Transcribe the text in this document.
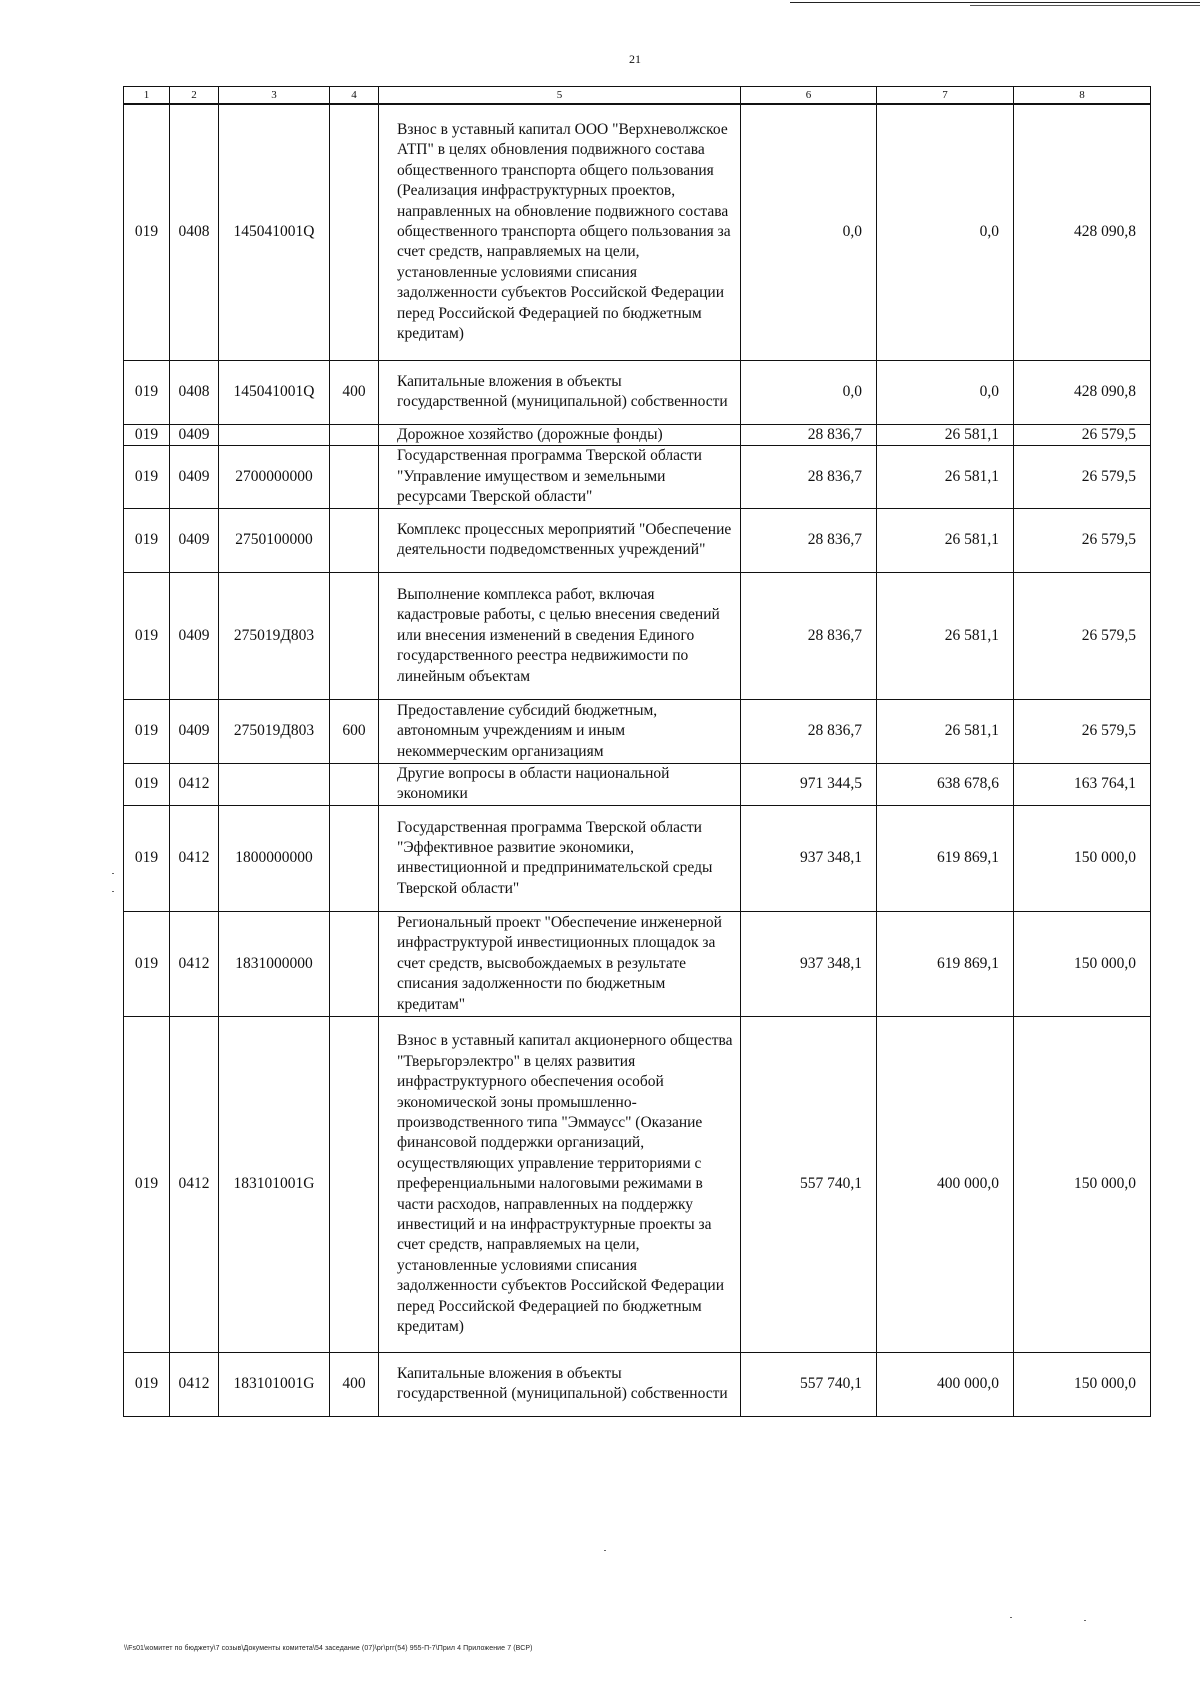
21
1	2	3	4	5	6	7	8
019	0408	145041001Q		Взнос в уставный капитал ООО "Верхневолжское АТП" в целях обновления подвижного состава общественного транспорта общего пользования (Реализация инфраструктурных проектов, направленных на обновление подвижного состава общественного транспорта общего пользования за счет средств, направляемых на цели, установленные условиями списания задолженности субъектов Российской Федерации перед Российской Федерацией по бюджетным кредитам)	0,0	0,0	428 090,8
019	0408	145041001Q	400	Капитальные вложения в объекты государственной (муниципальной) собственности	0,0	0,0	428 090,8
019	0409			Дорожное хозяйство (дорожные фонды)	28 836,7	26 581,1	26 579,5
019	0409	2700000000		Государственная программа Тверской области "Управление имуществом и земельными ресурсами Тверской области"	28 836,7	26 581,1	26 579,5
019	0409	2750100000		Комплекс процессных мероприятий "Обеспечение деятельности подведомственных учреждений"	28 836,7	26 581,1	26 579,5
019	0409	275019Д803		Выполнение комплекса работ, включая кадастровые работы, с целью внесения сведений или внесения изменений в сведения Единого государственного реестра недвижимости по линейным объектам	28 836,7	26 581,1	26 579,5
019	0409	275019Д803	600	Предоставление субсидий бюджетным, автономным учреждениям и иным некоммерческим организациям	28 836,7	26 581,1	26 579,5
019	0412			Другие вопросы в области национальной экономики	971 344,5	638 678,6	163 764,1
019	0412	1800000000		Государственная программа Тверской области "Эффективное развитие экономики, инвестиционной и предпринимательской среды Тверской области"	937 348,1	619 869,1	150 000,0
019	0412	1831000000		Региональный проект "Обеспечение инженерной инфраструктурой инвестиционных площадок за счет средств, высвобождаемых в результате списания задолженности по бюджетным кредитам"	937 348,1	619 869,1	150 000,0
019	0412	183101001G		Взнос в уставный капитал акционерного общества "Тверьгорэлектро" в целях развития инфраструктурного обеспечения особой экономической зоны промышленно-производственного типа "Эммаусс" (Оказание финансовой поддержки организаций, осуществляющих управление территориями с преференциальными налоговыми режимами в части расходов, направленных на поддержку инвестиций и на инфраструктурные проекты за счет средств, направляемых на цели, установленные условиями списания задолженности субъектов Российской Федерации перед Российской Федерацией по бюджетным кредитам)	557 740,1	400 000,0	150 000,0
019	0412	183101001G	400	Капитальные вложения в объекты государственной (муниципальной) собственности	557 740,1	400 000,0	150 000,0
\\Fs01\комитет по бюджету\7 созыв\Документы комитета\54 заседание (07)\рг\ргг(54) 955-П-7\Прил 4 Приложение 7 (ВСР)
